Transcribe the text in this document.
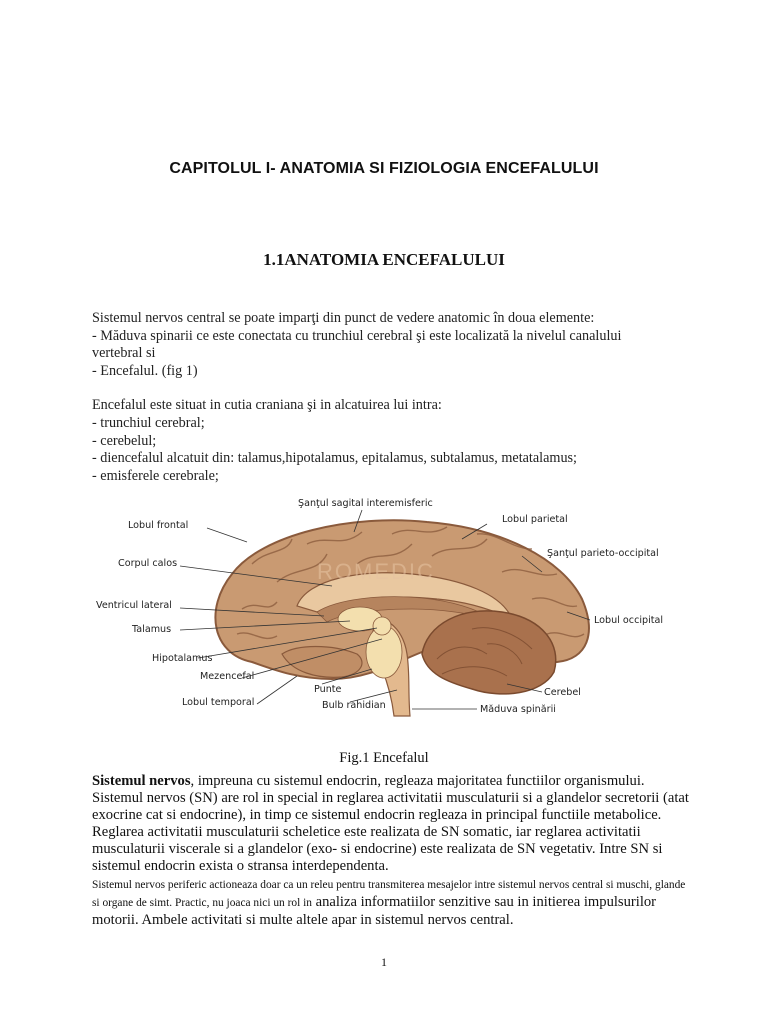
CAPITOLUL I- ANATOMIA SI FIZIOLOGIA ENCEFALULUI
1.1ANATOMIA ENCEFALULUI

Sistemul nervos central se poate imparţi din punct de vedere anatomic în doua elemente:

- Măduva spinarii ce este conectata cu trunchiul cerebral şi este localizată la nivelul canalului

vertebral si

- Encefalul. (fig 1)

Encefalul este situat in cutia craniana şi in alcatuirea lui intra:

- trunchiul cerebral;

- cerebelul;

- diencefalul alcatuit din: talamus,hipotalamus, epitalamus, subtalamus, metatalamus;

- emisferele cerebrale;

ROMEDIC
Şanţul sagital interemisferic
Lobul frontal
Lobul parietal
Şanţul parieto-occipital
Corpul calos
Ventricul lateral
Lobul occipital
Talamus
Hipotalamus
Mezencefal
Cerebel
Punte
Lobul temporal	Bulb rahidian	Măduva spinării
Fig.1 Encefalul

Sistemul nervos, impreuna cu sistemul endocrin, regleaza majoritatea functiilor organismului. Sistemul nervos (SN) are rol in special in reglarea activitatii musculaturii si a glandelor secretorii (atat exocrine cat si endocrine), in timp ce sistemul endocrin regleaza in principal functiile metabolice. Reglarea activitatii musculaturii scheletice este realizata de SN somatic, iar reglarea activitatii musculaturii viscerale si a glandelor (exo- si endocrine) este realizata de SN vegetativ. Intre SN si sistemul endocrin exista o stransa interdependenta.
Sistemul nervos periferic actioneaza doar ca un releu pentru transmiterea mesajelor intre sistemul nervos central si muschi, glande si organe de simt. Practic, nu joaca nici un rol in analiza informatiilor senzitive sau in initierea impulsurilor motorii. Ambele activitati si multe altele apar in sistemul nervos central.

1
